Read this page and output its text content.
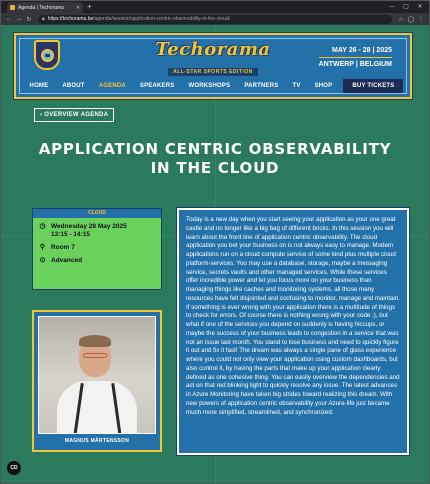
Agenda | Techorama	✕ +	—	▢	✕
← → ↻	🔒︎ https://techorama.be/agenda/session/application-centric-observability-in-the-cloud/	☆ ◯ ⋮
Techorama
ALL-STAR SPORTS EDITION
MAY 26 - 28 | 2025
ANTWERP | BELGIUM
HOME	ABOUT	AGENDA	SPEAKERS	WORKSHOPS	PARTNERS	TV	SHOP	BUY TICKETS
‹ OVERVIEW AGENDA
APPLICATION CENTRIC OBSERVABILITY IN THE CLOUD
CLOUD
◷ Wednesday 28 May 2025
13:15 - 14:15
⚲ Room 7
⊙ Advanced
MAGNUS MÅRTENSSON

Today is a new day when you start seeing your application as your one great castle and no longer like a big bag of different bricks. In this session you will learn about the front line of application centric observability. The cloud application you bet your business on is not always easy to manage. Modern applications run on a cloud compute service of some kind plus multiple cloud platform-services. You may use a database, storage, maybe a messaging service, secrets vaults and other managed services. While these services offer incredible power and let you focus more on your business than managing things like caches and monitoring systems, all those many resources have felt disjointed and confusing to monitor, manage and maintain. If something is ever wrong with your application there is a multitude of things to check for errors. Of course there is nothing wrong with your code :), but what if one of the services you depend on suddenly is having hiccups, or maybe the success of your business leads to congestion in a service that was not an issue last month. You stand to lose business and need to quickly figure it out and fix it fast! The dream was always a single pane of glass experience where you could not only view your application using custom dashboards, but also control it, by having the parts that make up your application clearly defined as one cohesive thing. You can easily overview the dependencies and act on that red blinking light to quickly resolve any issue. The latest advances in Azure Monitoring have taken big strides toward realizing this dream. With new powers of application centric observability your Azure-life just became much more simplified, streamlined, and synchronized.

CD
